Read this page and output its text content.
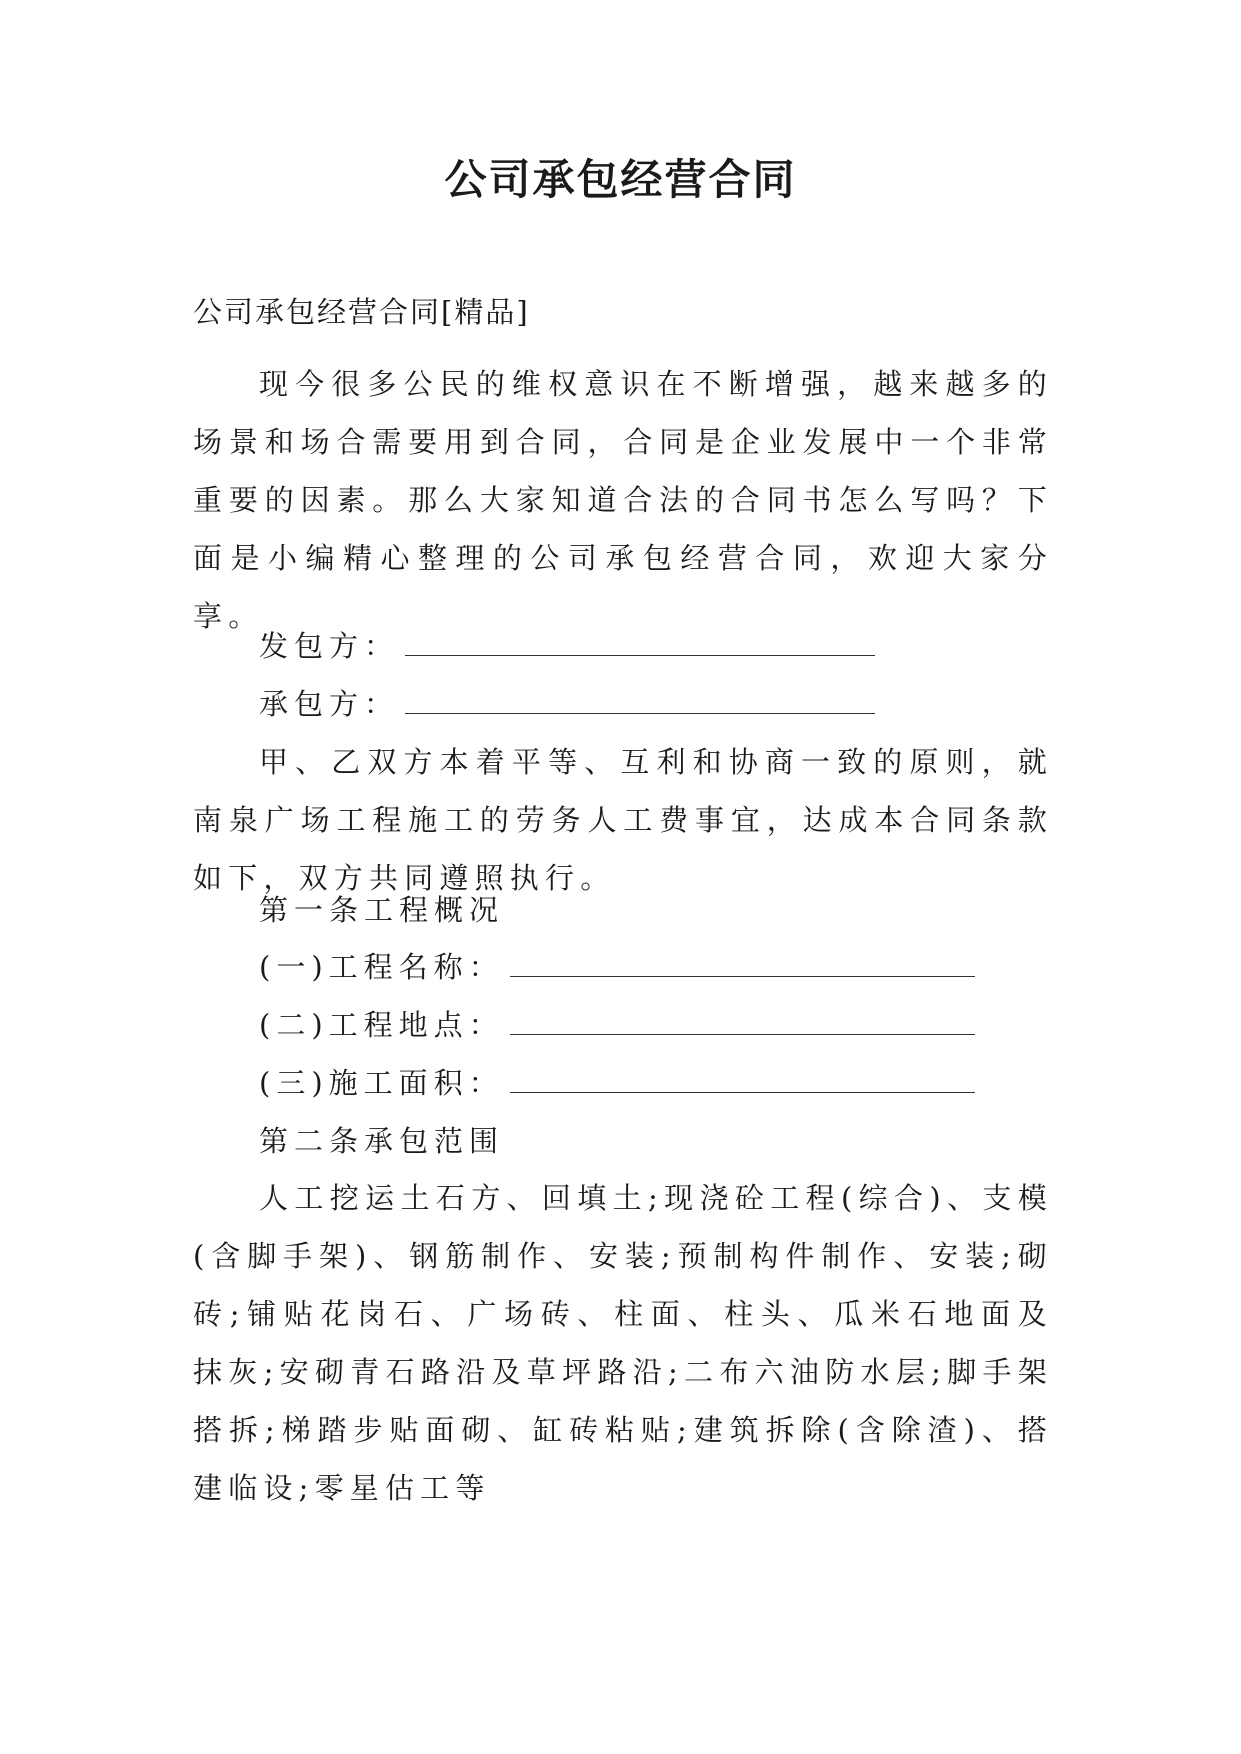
公司承包经营合同
公司承包经营合同[精品]

现今很多公民的维权意识在不断增强，越来越多的场景和场合需要用到合同，合同是企业发展中一个非常重要的因素。那么大家知道合法的合同书怎么写吗？下面是小编精心整理的公司承包经营合同，欢迎大家分享。

发包方：

承包方：

甲、乙双方本着平等、互利和协商一致的原则，就南泉广场工程施工的劳务人工费事宜，达成本合同条款如下，双方共同遵照执行。

第一条工程概况

(一)工程名称：

(二)工程地点：

(三)施工面积：

第二条承包范围

人工挖运土石方、回填土;现浇砼工程(综合)、支模(含脚手架)、钢筋制作、安装;预制构件制作、安装;砌砖;铺贴花岗石、广场砖、柱面、柱头、瓜米石地面及抹灰;安砌青石路沿及草坪路沿;二布六油防水层;脚手架搭拆;梯踏步贴面砌、缸砖粘贴;建筑拆除(含除渣)、搭建临设;零星估工等
